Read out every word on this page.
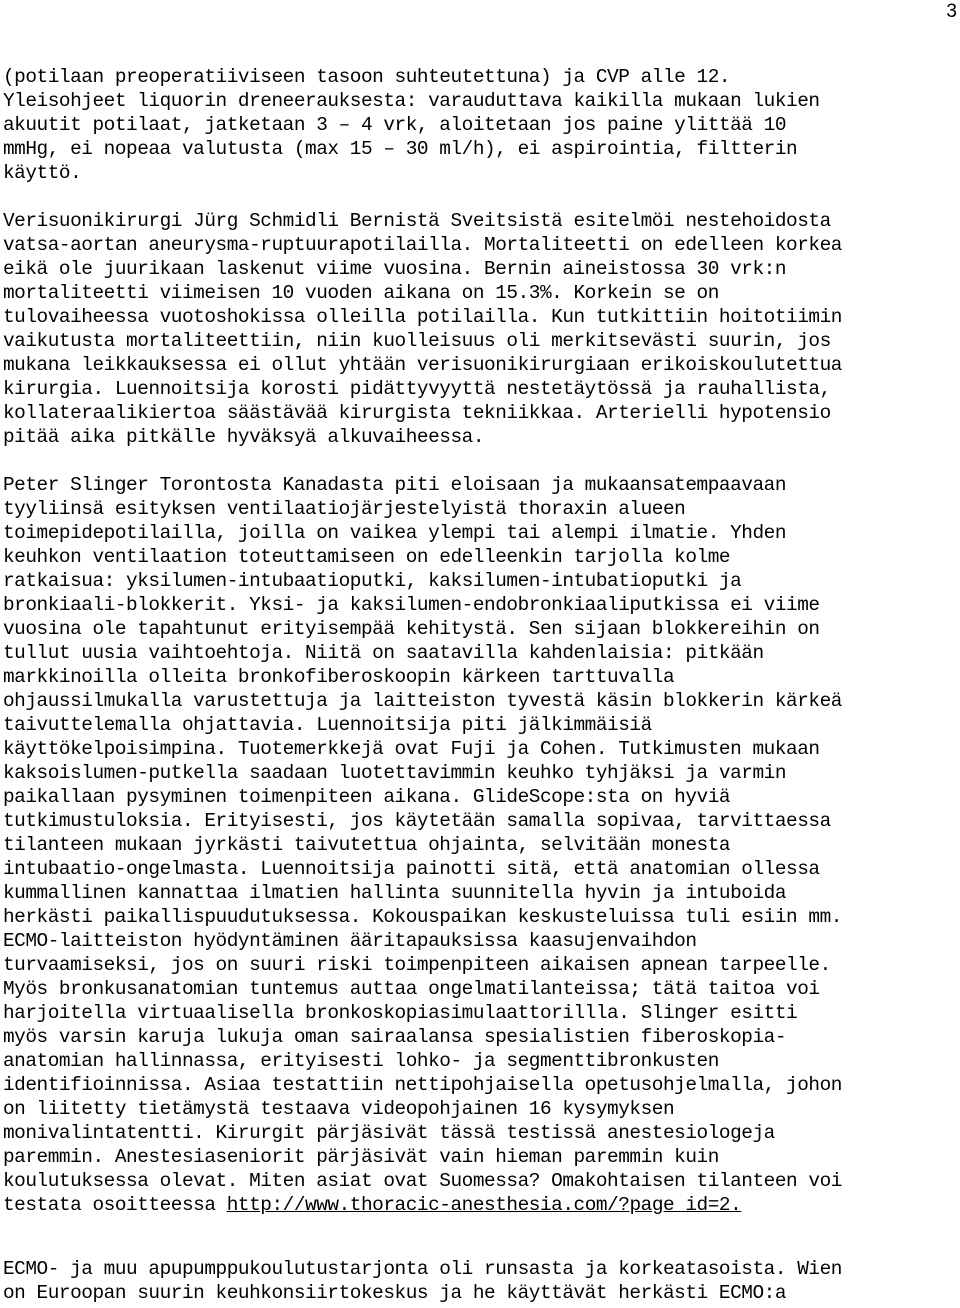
3
(potilaan preoperatiiviseen tasoon suhteutettuna) ja CVP alle 12.
Yleisohjeet liquorin dreneerauksesta: varauduttava kaikilla mukaan lukien
akuutit potilaat, jatketaan 3 – 4 vrk, aloitetaan jos paine ylittää 10
mmHg, ei nopeaa valutusta (max 15 – 30 ml/h), ei aspirointia, filtterin
käyttö.
Verisuonikirurgi Jürg Schmidli Bernistä Sveitsistä esitelmöi nestehoidosta
vatsa-aortan aneurysma-ruptuurapotilailla. Mortaliteetti on edelleen korkea
eikä ole juurikaan laskenut viime vuosina. Bernin aineistossa 30 vrk:n
mortaliteetti viimeisen 10 vuoden aikana on 15.3%. Korkein se on
tulovaiheessa vuotoshokissa olleilla potilailla. Kun tutkittiin hoitotiimin
vaikutusta mortaliteettiin, niin kuolleisuus oli merkitsevästi suurin, jos
mukana leikkauksessa ei ollut yhtään verisuonikirurgiaan erikoiskoulutettua
kirurgia. Luennoitsija korosti pidättyvyyttä nestetäytössä ja rauhallista,
kollateraalikiertoa säästävää kirurgista tekniikkaa. Arterielli hypotensio
pitää aika pitkälle hyväksyä alkuvaiheessa.
Peter Slinger Torontosta Kanadasta piti eloisaan ja mukaansatempaavaan
tyyliinsä esityksen ventilaatiojärjestelyistä thoraxin alueen
toimepidepotilailla, joilla on vaikea ylempi tai alempi ilmatie. Yhden
keuhkon ventilaation toteuttamiseen on edelleenkin tarjolla kolme
ratkaisua: yksilumen-intubaatioputki, kaksilumen-intubatioputki ja
bronkiaali-blokkerit. Yksi- ja kaksilumen-endobronkiaaliputkissa ei viime
vuosina ole tapahtunut erityisempää kehitystä. Sen sijaan blokkereihin on
tullut uusia vaihtoehtoja. Niitä on saatavilla kahdenlaisia: pitkään
markkinoilla olleita bronkofiberoskoopin kärkeen tarttuvalla
ohjaussilmukalla varustettuja ja laitteiston tyvestä käsin blokkerin kärkeä
taivuttelemalla ohjattavia. Luennoitsija piti jälkimmäisiä
käyttökelpoisimpina. Tuotemerkkejä ovat Fuji ja Cohen. Tutkimusten mukaan
kaksoislumen-putkella saadaan luotettavimmin keuhko tyhjäksi ja varmin
paikallaan pysyminen toimenpiteen aikana. GlideScope:sta on hyviä
tutkimustuloksia. Erityisesti, jos käytetään samalla sopivaa, tarvittaessa
tilanteen mukaan jyrkästi taivutettua ohjainta, selvitään monesta
intubaatio-ongelmasta. Luennoitsija painotti sitä, että anatomian ollessa
kummallinen kannattaa ilmatien hallinta suunnitella hyvin ja intuboida
herkästi paikallispuudutuksessa. Kokouspaikan keskusteluissa tuli esiin mm.
ECMO-laitteiston hyödyntäminen ääritapauksissa kaasujenvaihdon
turvaamiseksi, jos on suuri riski toimpenpiteen aikaisen apnean tarpeelle.
Myös bronkusanatomian tuntemus auttaa ongelmatilanteissa; tätä taitoa voi
harjoitella virtuaalisella bronkoskopiasimulaattorillla. Slinger esitti
myös varsin karuja lukuja oman sairaalansa spesialistien fiberoskopia-
anatomian hallinnassa, erityisesti lohko- ja segmenttibronkusten
identifioinnissa. Asiaa testattiin nettipohjaisella opetusohjelmalla, johon
on liitetty tietämystä testaava videopohjainen 16 kysymyksen
monivalintatentti. Kirurgit pärjäsivät tässä testissä anestesiologeja
paremmin. Anestesiaseniorit pärjäsivät vain hieman paremmin kuin
koulutuksessa olevat. Miten asiat ovat Suomessa? Omakohtaisen tilanteen voi
testata osoitteessa http://www.thoracic-anesthesia.com/?page_id=2.
ECMO- ja muu apupumppukoulutustarjonta oli runsasta ja korkeatasoista. Wien
on Euroopan suurin keuhkonsiirtokeskus ja he käyttävät herkästi ECMO:a
